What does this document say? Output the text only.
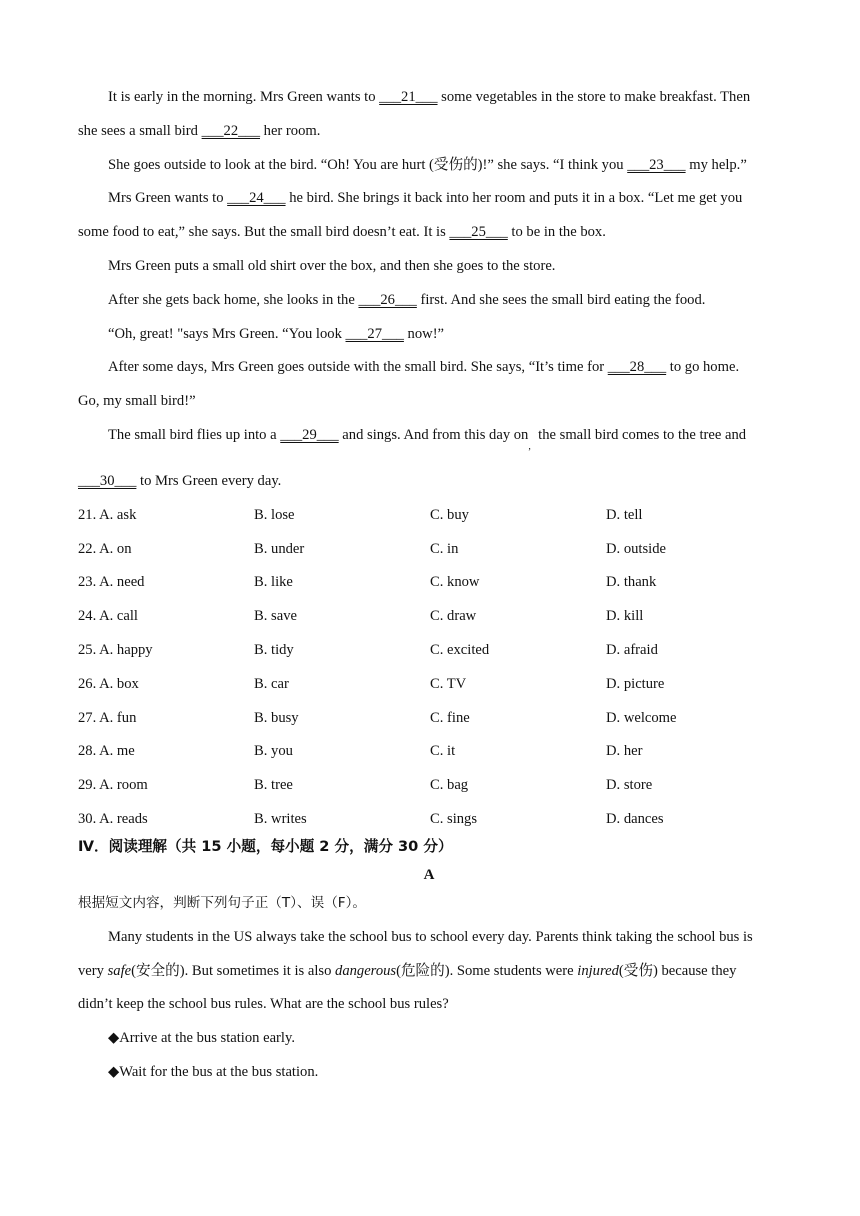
It is early in the morning. Mrs Green wants to ___21___ some vegetables in the store to make breakfast. Then
she sees a small bird ___22___ her room.
She goes outside to look at the bird. “Oh! You are hurt (受伤的)!” she says. “I think you ___23___ my help.”
Mrs Green wants to ___24___ he bird. She brings it back into her room and puts it in a box. “Let me get you
some food to eat,” she says. But the small bird doesn’t eat. It is ___25___ to be in the box.
Mrs Green puts a small old shirt over the box, and then she goes to the store.
After she gets back home, she looks in the ___26___ first. And she sees the small bird eating the food.
“Oh, great! "says Mrs Green. “You look ___27___ now!”
After some days, Mrs Green goes outside with the small bird. She says, “It’s time for ___28___ to go home.
Go, my small bird!”
The small bird flies up into a ___29___ and sings. And from this day $on_,$  the small bird comes to the tree and
___30___ to Mrs Green every day.
21. A. ask	B. lose	C. buy	D. tell
22. A. on	B. under	C. in	D. outside
23. A. need	B. like	C. know	D. thank
24. A. call	B. save	C. draw	D. kill
25. A. happy	B. tidy	C. excited	D. afraid
26. A. box	B. car	C. TV	D. picture
27. A. fun	B. busy	C. fine	D. welcome
28. A. me	B. you	C. it	D. her
29. A. room	B. tree	C. bag	D. store
30. A. reads	B. writes	C. sings	D. dances
Ⅳ．阅读理解（共 15 小题，每小题 2 分，满分 30 分）
A
根据短文内容，判断下列句子正（T）、误（F）。
Many students in the US always take the school bus to school every day. Parents think taking the school bus is
very safe(安全的). But sometimes it is also dangerous(危险的). Some students were injured(受伤) because they
didn’t keep the school bus rules. What are the school bus rules?
◆Arrive at the bus station early.
◆Wait for the bus at the bus station.
